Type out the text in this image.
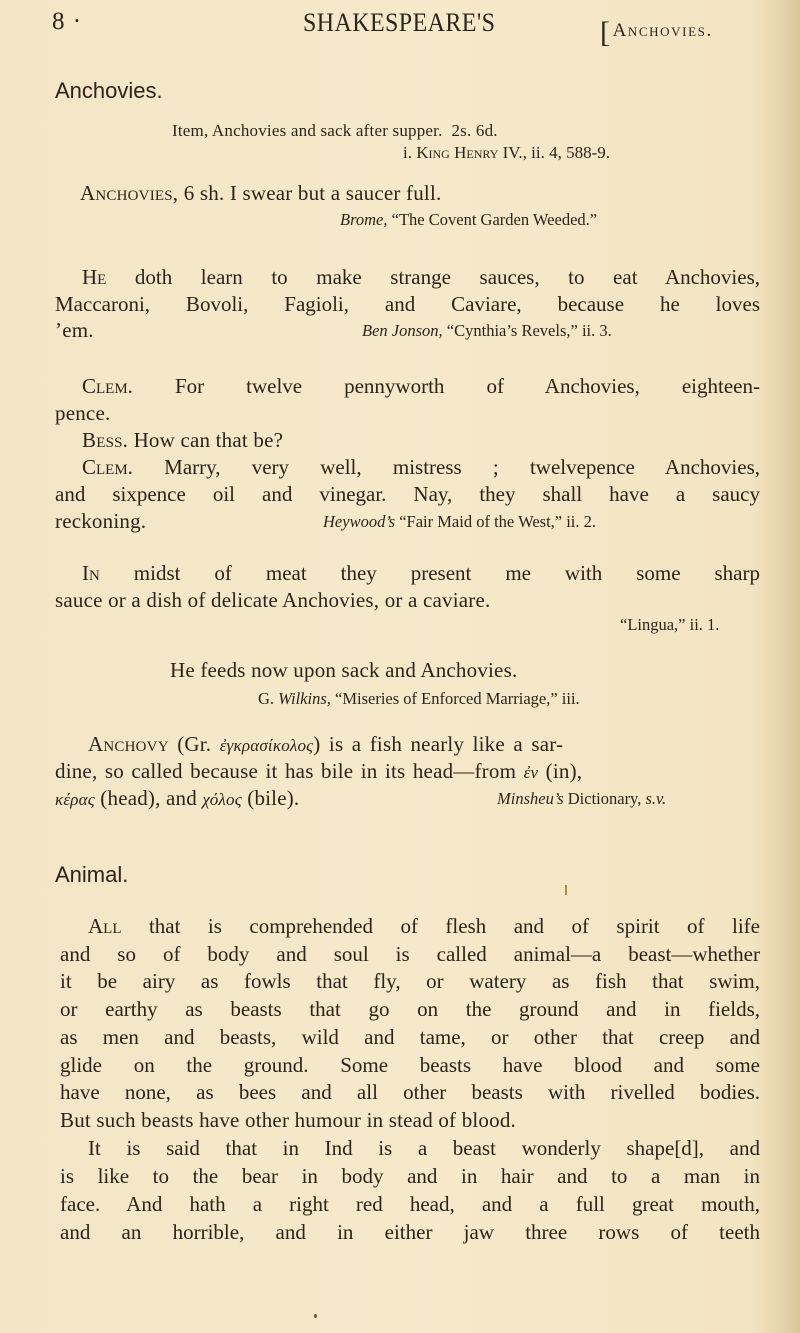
8 ·	SHAKESPEARE'S	[Anchovies.
Anchovies.
Item, Anchovies and sack after supper. 2s. 6d.
i. King Henry IV., ii. 4, 588-9.
Anchovies, 6 sh. I swear but a saucer full.
Brome, “The Covent Garden Weeded.”
He doth learn to make strange sauces, to eat Anchovies,
Maccaroni, Bovoli, Fagioli, and Caviare, because he loves
’em.	Ben Jonson, “Cynthia’s Revels,” ii. 3.
Clem. For twelve pennyworth of Anchovies, eighteen-
pence.
Bess. How can that be?
Clem. Marry, very well, mistress ; twelvepence Anchovies,
and sixpence oil and vinegar. Nay, they shall have a saucy
reckoning.	Heywood’s “Fair Maid of the West,” ii. 2.
In midst of meat they present me with some sharp
sauce or a dish of delicate Anchovies, or a caviare.
“Lingua,” ii. 1.
He feeds now upon sack and Anchovies.
G. Wilkins, “Miseries of Enforced Marriage,” iii.
Anchovy (Gr. ἐγκρασίκολος) is a fish nearly like a sar-
dine, so called because it has bile in its head—from ἐν (in),
κέρας (head), and χόλος (bile).	Minsheu’s Dictionary, s.v.
Animal.
All that is comprehended of flesh and of spirit of life
and so of body and soul is called animal—a beast—whether
it be airy as fowls that fly, or watery as fish that swim,
or earthy as beasts that go on the ground and in fields,
as men and beasts, wild and tame, or other that creep and
glide on the ground. Some beasts have blood and some
have none, as bees and all other beasts with rivelled bodies.
But such beasts have other humour in stead of blood.
It is said that in Ind is a beast wonderly shape[d], and
is like to the bear in body and in hair and to a man in
face. And hath a right red head, and a full great mouth,
and an horrible, and in either jaw three rows of teeth
